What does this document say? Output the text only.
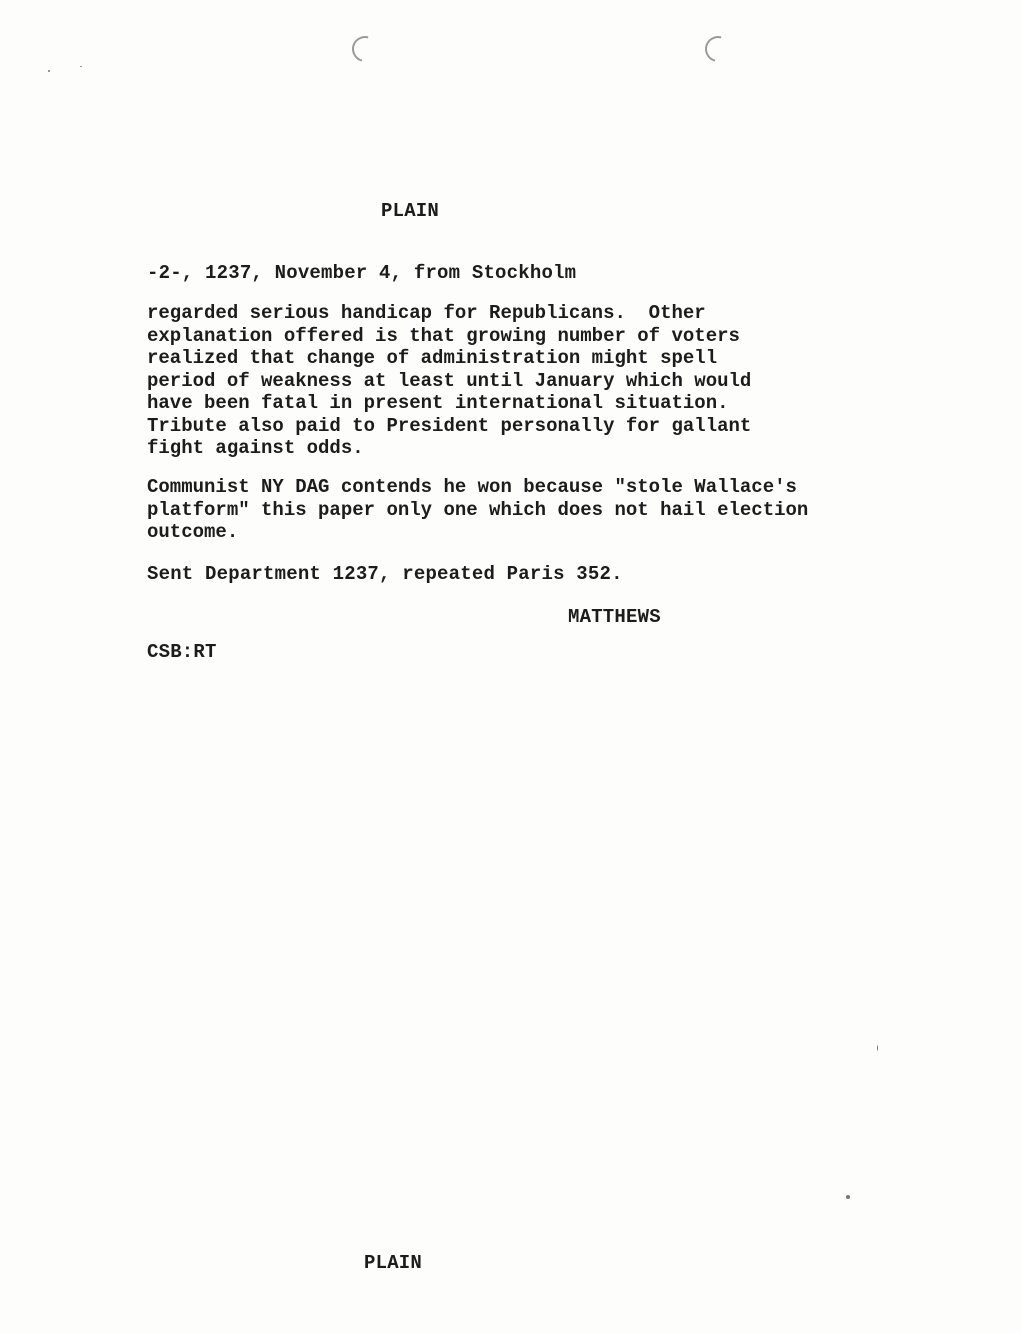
PLAIN
-2-, 1237, November 4, from Stockholm
regarded serious handicap for Republicans.  Other
explanation offered is that growing number of voters
realized that change of administration might spell
period of weakness at least until January which would
have been fatal in present international situation.
Tribute also paid to President personally for gallant
fight against odds.
Communist NY DAG contends he won because "stole Wallace's
platform" this paper only one which does not hail election
outcome.
Sent Department 1237, repeated Paris 352.
MATTHEWS
CSB:RT
PLAIN
